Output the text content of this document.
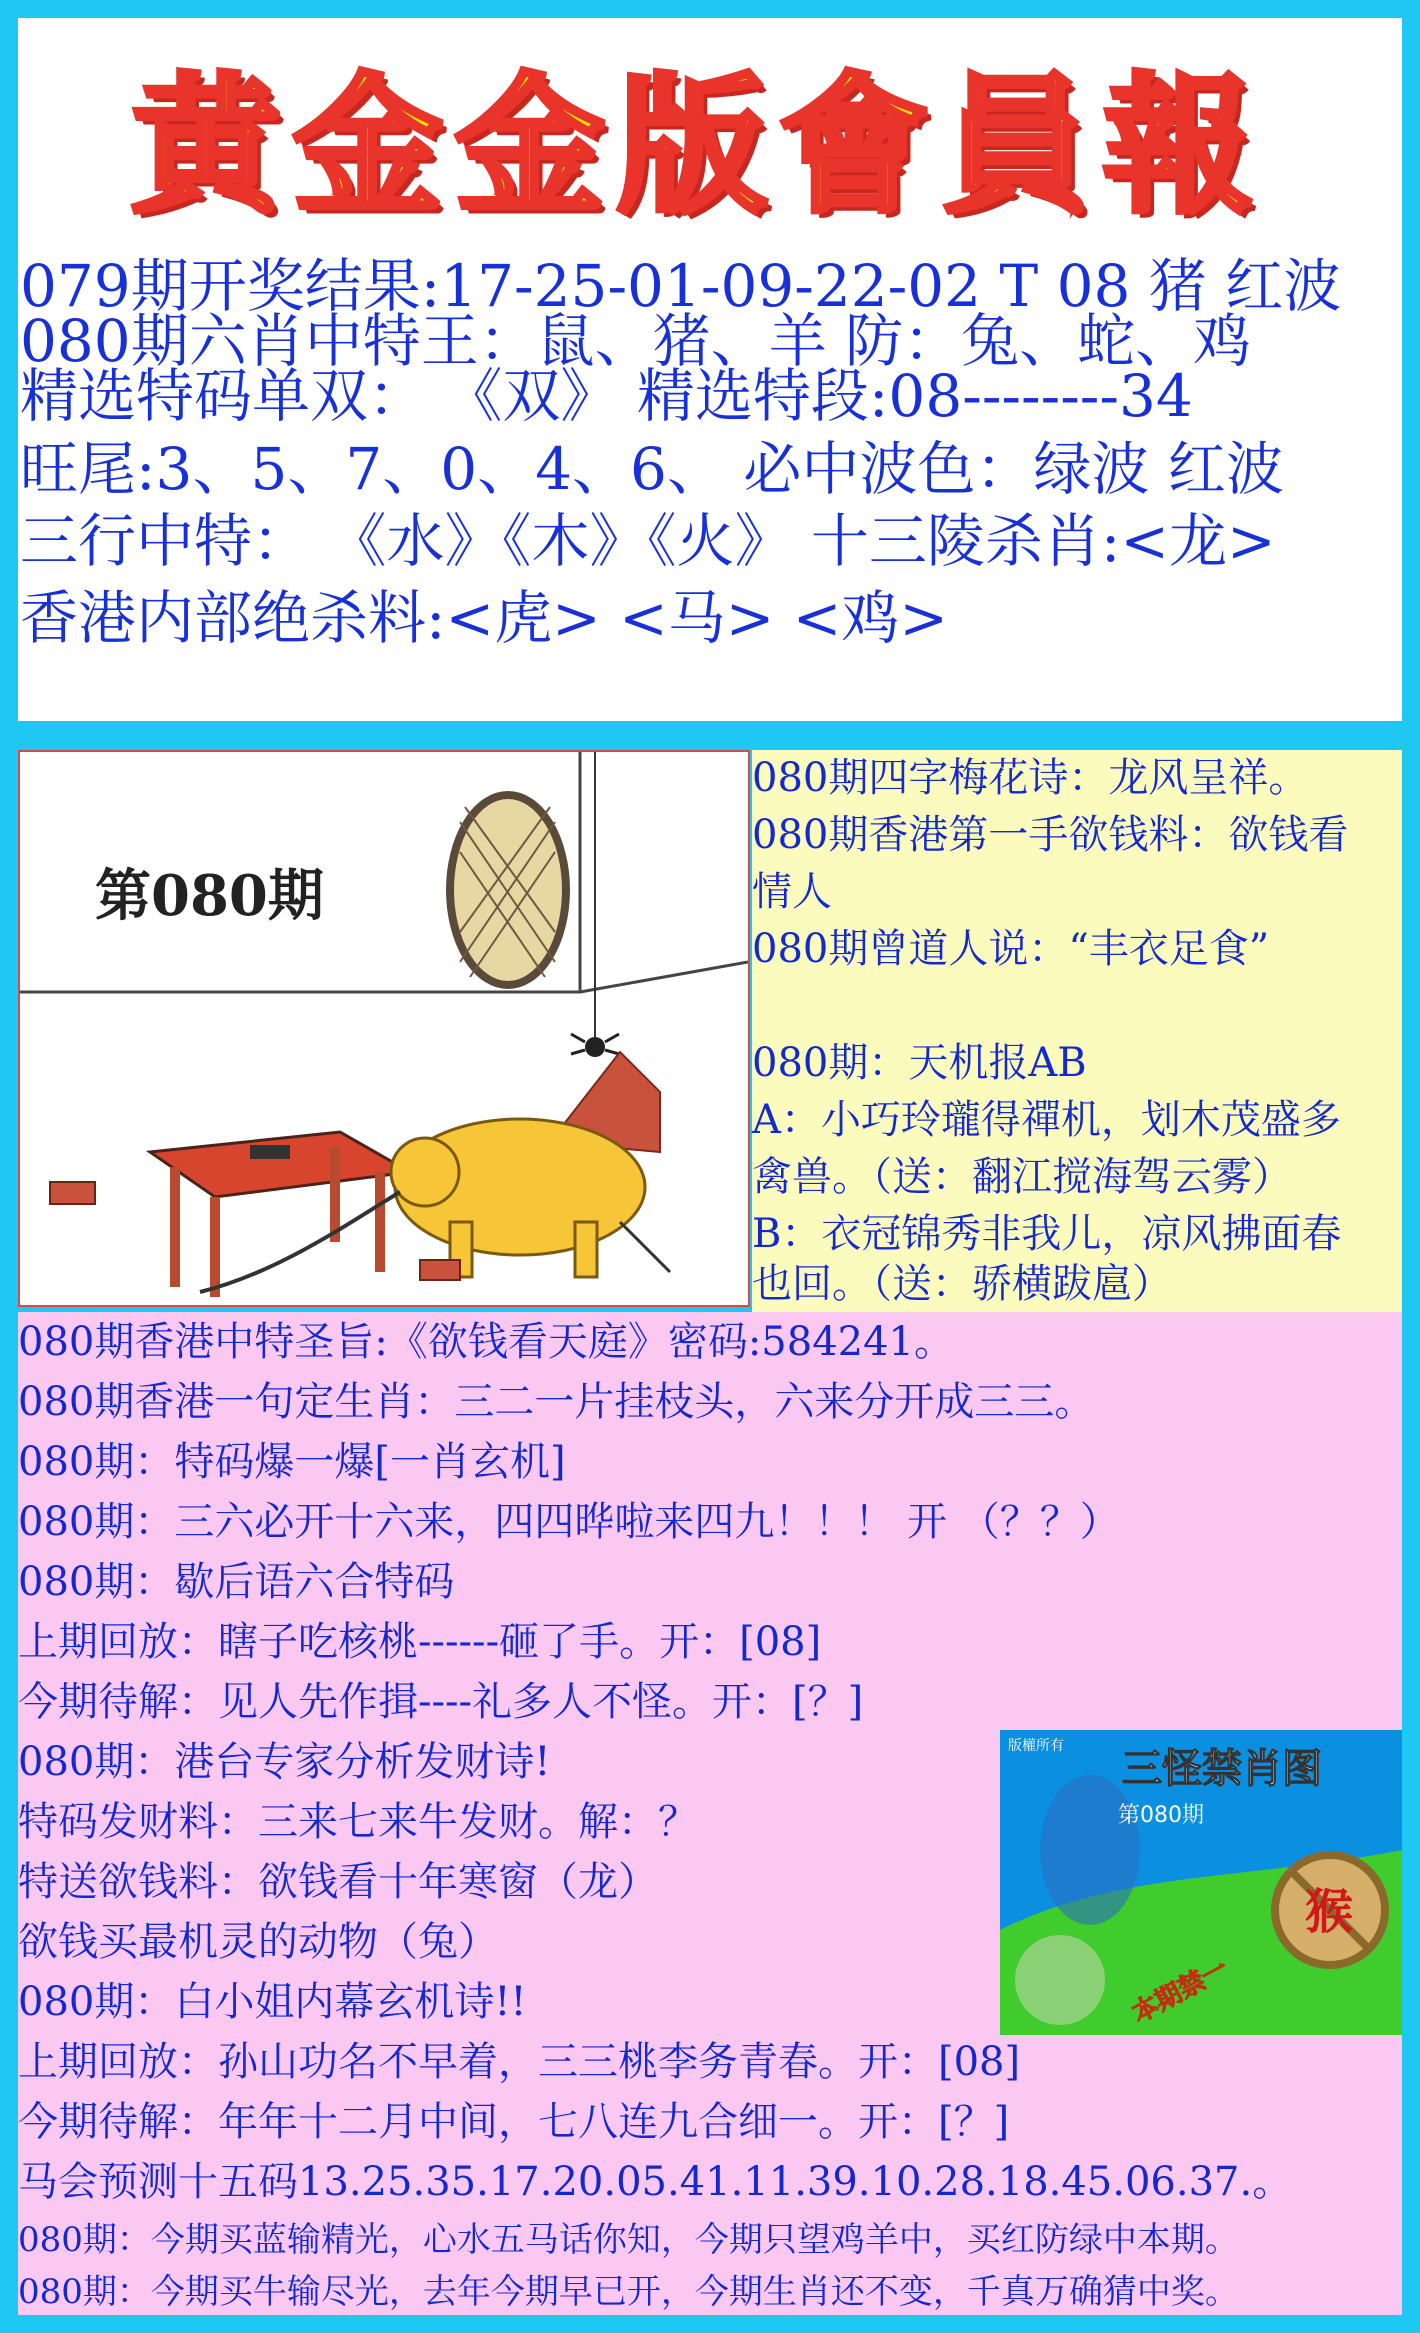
黄金金版會員報
079期开奖结果:17-25-01-09-22-02 T 08 猪 红波
080期六肖中特王：鼠、猪、羊 防：兔、蛇、鸡
精选特码单双： 《双》 精选特段:08--------34
旺尾:3、5、7、0、4、6、 必中波色：绿波 红波
三行中特： 《水》《木》《火》 十三陵杀肖:<龙>
香港内部绝杀料:<虎> <马> <鸡>
第080期
080期四字梅花诗：龙风呈祥。
080期香港第一手欲钱料：欲钱看
情人
080期曾道人说：“丰衣足食”
080期：天机报AB
A：小巧玲瓏得禪机，划木茂盛多
禽兽。（送：翻江搅海驾云雾）
B：衣冠锦秀非我儿，凉风拂面春
也回。（送：骄横跋扈）
080期香港中特圣旨:《欲钱看天庭》密码:584241。
080期香港一句定生肖：三二一片挂枝头，六来分开成三三。
080期：特码爆一爆[一肖玄机]
080期：三六必开十六来，四四晔啦来四九！！！ 开 （？？）
080期：歇后语六合特码
上期回放：瞎子吃核桃------砸了手。开：[08]
今期待解：见人先作揖----礼多人不怪。开：[？]
080期：港台专家分析发财诗!
特码发财料：三来七来牛发财。解：？
特送欲钱料：欲钱看十年寒窗（龙）
欲钱买最机灵的动物（兔）
080期：白小姐内幕玄机诗!!
上期回放：孙山功名不早着，三三桃李务青春。开：[08]
今期待解：年年十二月中间，七八连九合细一。开：[？]
马会预测十五码13.25.35.17.20.05.41.11.39.10.28.18.45.06.37.。
080期：今期买蓝输精光，心水五马话你知，今期只望鸡羊中，买红防绿中本期。
080期：今期买牛输尽光，去年今期早已开，今期生肖还不变，千真万确猜中奖。
版權所有 三怪禁肖图
第080期
猴
本期禁一
